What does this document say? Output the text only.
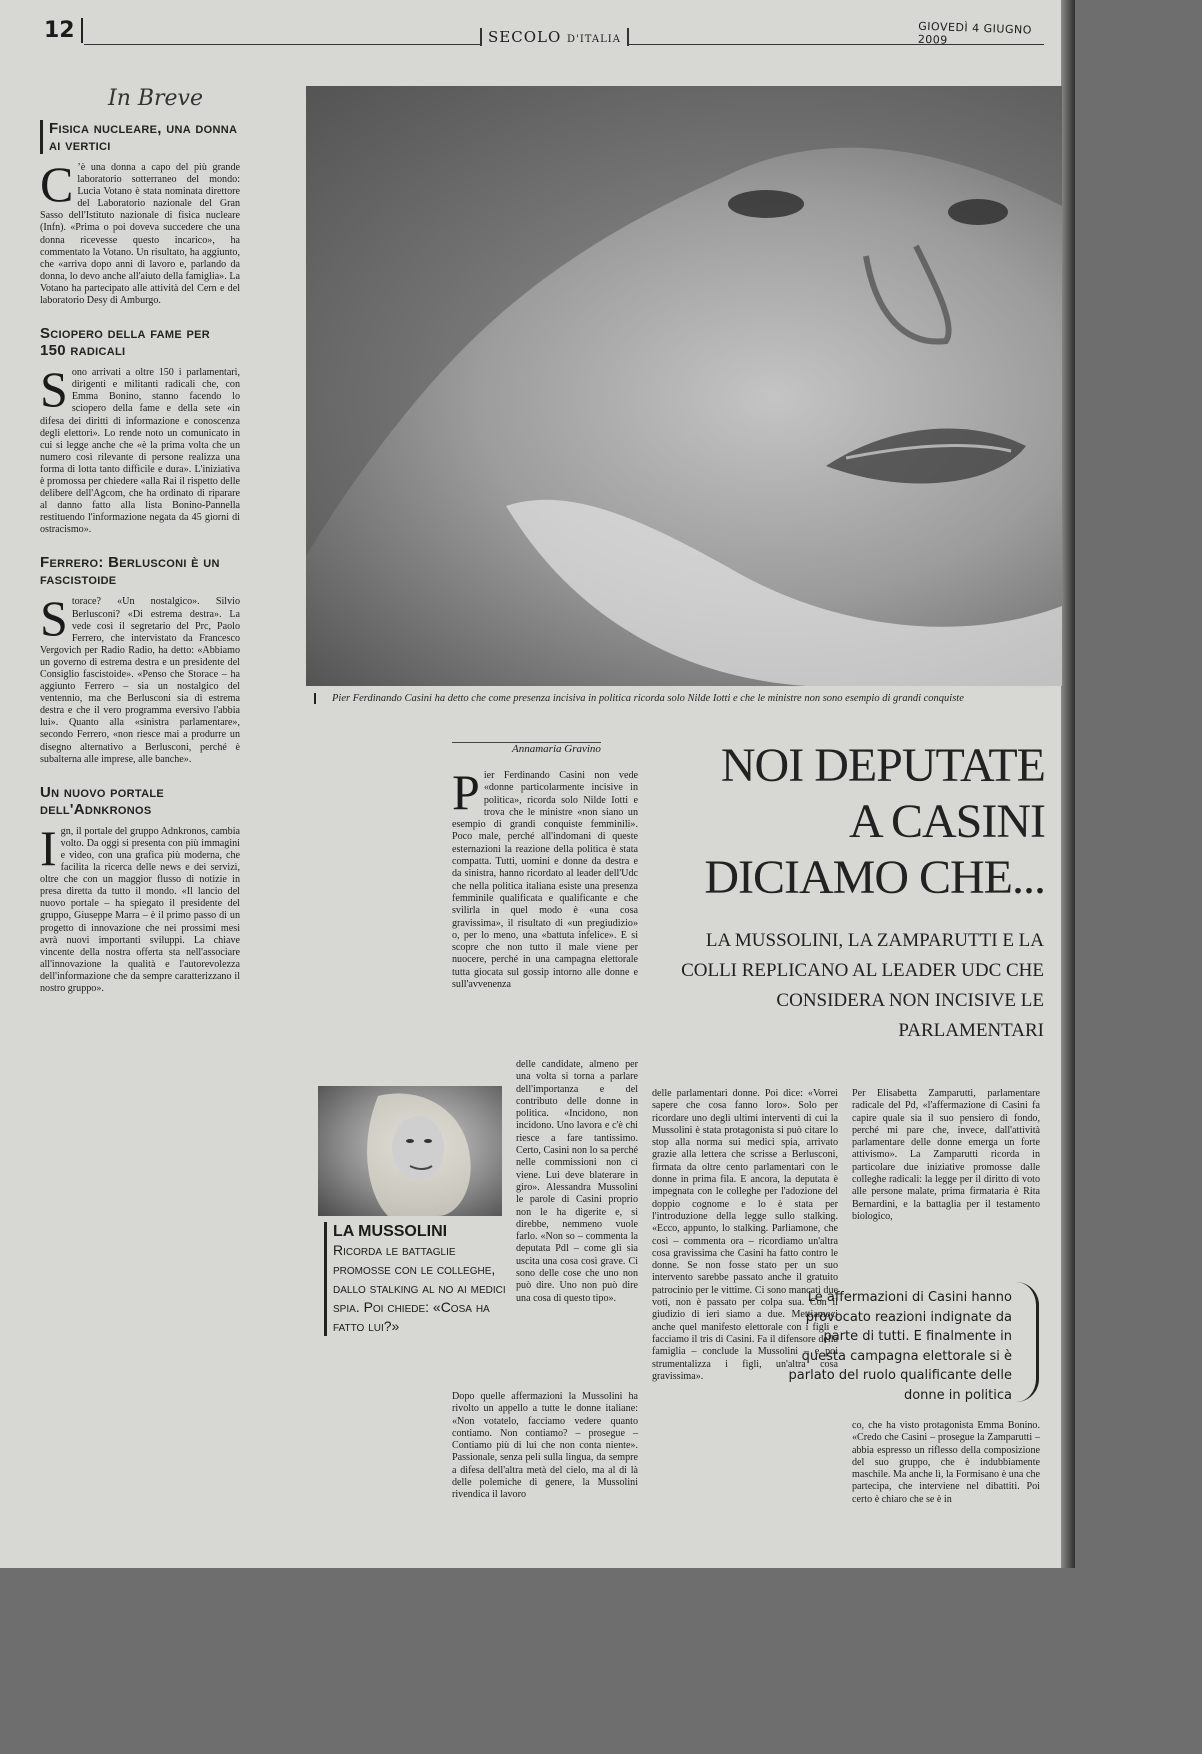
12	SECOLO D'ITALIA
GIOVEDÌ 4 GIUGNO 2009
In Breve

Fisica nucleare, una donna ai vertici

C ’è una donna a capo del più grande laboratorio sotterraneo del mondo: Lucia Votano è stata nominata direttore del Laboratorio nazionale del Gran Sasso dell'Istituto nazionale di fisica nucleare (Infn). «Prima o poi doveva succedere che una donna ricevesse questo incarico», ha commentato la Votano. Un risultato, ha aggiunto, che «arriva dopo anni di lavoro e, parlando da donna, lo devo anche all'aiuto della famiglia». La Votano ha partecipato alle attività del Cern e del laboratorio Desy di Amburgo.

Sciopero della fame per 150 radicali

Sono arrivati a oltre 150 i parlamentari, dirigenti e militanti radicali che, con Emma Bonino, stanno facendo lo sciopero della fame e della sete «in difesa dei diritti di informazione e conoscenza degli elettori». Lo rende noto un comunicato in cui si legge anche che «è la prima volta che un numero così rilevante di persone realizza una forma di lotta tanto difficile e dura». L'iniziativa è promossa per chiedere «alla Rai il rispetto delle delibere dell'Agcom, che ha ordinato di riparare al danno fatto alla lista Bonino-Pannella restituendo l'informazione negata da 45 giorni di ostracismo».

Ferrero: Berlusconi è un fascistoide

Storace? «Un nostalgico». Silvio Berlusconi? «Di estrema destra». La vede così il segretario del Prc, Paolo Ferrero, che intervistato da Francesco Vergovich per Radio Radio, ha detto: «Abbiamo un governo di estrema destra e un presidente del Consiglio fascistoide». «Penso che Storace – ha aggiunto Ferrero – sia un nostalgico del ventennio, ma che Berlusconi sia di estrema destra e che il vero programma eversivo l'abbia lui». Quanto alla «sinistra parlamentare», secondo Ferrero, «non riesce mai a produrre un disegno alternativo a Berlusconi, perché è subalterna alle imprese, alle banche».

Un nuovo portale dell'Adnkronos

Ign, il portale del gruppo Adnkronos, cambia volto. Da oggi si presenta con più immagini e video, con una grafica più moderna, che facilita la ricerca delle news e dei servizi, oltre che con un maggior flusso di notizie in presa diretta da tutto il mondo. «Il lancio del nuovo portale – ha spiegato il presidente del gruppo, Giuseppe Marra – è il primo passo di un progetto di innovazione che nei prossimi mesi avrà nuovi importanti sviluppi. La chiave vincente della nostra offerta sta nell'associare all'innovazione la qualità e l'autorevolezza dell'informazione che da sempre caratterizzano il nostro gruppo».

Pier Ferdinando Casini ha detto che come presenza incisiva in politica ricorda solo Nilde Iotti e che le ministre non sono esempio di grandi conquiste
Annamaria Gravino	NOI DEPUTATE
A CASINI
DICIAMO CHE...
LA MUSSOLINI, LA ZAMPARUTTI E LA COLLI REPLICANO AL LEADER UDC CHE CONSIDERA NON INCISIVE LE PARLAMENTARI
Pier Ferdinando Casini non vede «donne particolarmente incisive in politica», ricorda solo Nilde Iotti e trova che le ministre «non siano un esempio di grandi conquiste femminili». Poco male, perché all'indomani di queste esternazioni la reazione della politica è stata compatta. Tutti, uomini e donne da destra e da sinistra, hanno ricordato al leader dell'Udc che nella politica italiana esiste una presenza femminile qualificata e qualificante e che svilirla in quel modo è «una cosa gravissima», il risultato di «un pregiudizio» o, per lo meno, una «battuta infelice». E si scopre che non tutto il male viene per nuocere, perché in una campagna elettorale tutta giocata sul gossip intorno alle donne e sull'avvenenza
delle candidate, almeno per una volta si torna a parlare dell'importanza e del contributo delle donne in politica. «Incidono, non incidono. Uno lavora e c'è chi riesce a fare tantissimo. Certo, Casini non lo sa perché nelle commissioni non ci viene. Lui deve blaterare in giro». Alessandra Mussolini le parole di Casini proprio non le ha digerite e, si direbbe, nemmeno vuole farlo. «Non so – commenta la deputata Pdl – come gli sia uscita una cosa così grave. Ci sono delle cose che uno non può dire. Uno non può dire una cosa di questo tipo».
Dopo quelle affermazioni la Mussolini ha rivolto un appello a tutte le donne italiane: «Non votatelo, facciamo vedere quanto contiamo. Non contiamo? – prosegue – Contiamo più di lui che non conta niente». Passionale, senza peli sulla lingua, da sempre a difesa dell'altra metà del cielo, ma al di là delle polemiche di genere, la Mussolini rivendica il lavoro
delle parlamentari donne. Poi dice: «Vorrei sapere che cosa fanno loro». Solo per ricordare uno degli ultimi interventi di cui la Mussolini è stata protagonista si può citare lo stop alla norma sui medici spia, arrivato grazie alla lettera che scrisse a Berlusconi, firmata da oltre cento parlamentari con le donne in prima fila. E ancora, la deputata è impegnata con le colleghe per l'adozione del doppio cognome e lo è stata per l'introduzione della legge sullo stalking. «Ecco, appunto, lo stalking. Parliamone, che così – commenta ora – ricordiamo un'altra cosa gravissima che Casini ha fatto contro le donne. Se non fosse stato per un suo intervento sarebbe passato anche il gratuito patrocinio per le vittime. Ci sono mancati due voti, non è passato per colpa sua. Con il giudizio di ieri siamo a due. Mettiamoci anche quel manifesto elettorale con i figli e facciamo il tris di Casini. Fa il difensore della famiglia – conclude la Mussolini – e poi strumentalizza i figli, un'altra cosa gravissima».
Per Elisabetta Zamparutti, parlamentare radicale del Pd, «l'affermazione di Casini fa capire quale sia il suo pensiero di fondo, perché mi pare che, invece, dall'attività parlamentare delle donne emerga un forte attivismo». La Zamparutti ricorda in particolare due iniziative promosse dalle colleghe radicali: la legge per il diritto di voto alle persone malate, prima firmataria è Rita Bernardini, e la battaglia per il testamento biologico,
co, che ha visto protagonista Emma Bonino. «Credo che Casini – prosegue la Zamparutti – abbia espresso un riflesso della composizione del suo gruppo, che è indubbiamente maschile. Ma anche lì, la Formisano è una che partecipa, che interviene nel dibattiti. Poi certo è chiaro che se è in
LA MUSSOLINI
Ricorda le battaglie promosse con le colleghe, dallo stalking al no ai medici spia. Poi chiede: «Cosa ha fatto lui?»
Le affermazioni di Casini hanno provocato reazioni indignate da parte di tutti. E finalmente in questa campagna elettorale si è parlato del ruolo qualificante delle donne in politica
